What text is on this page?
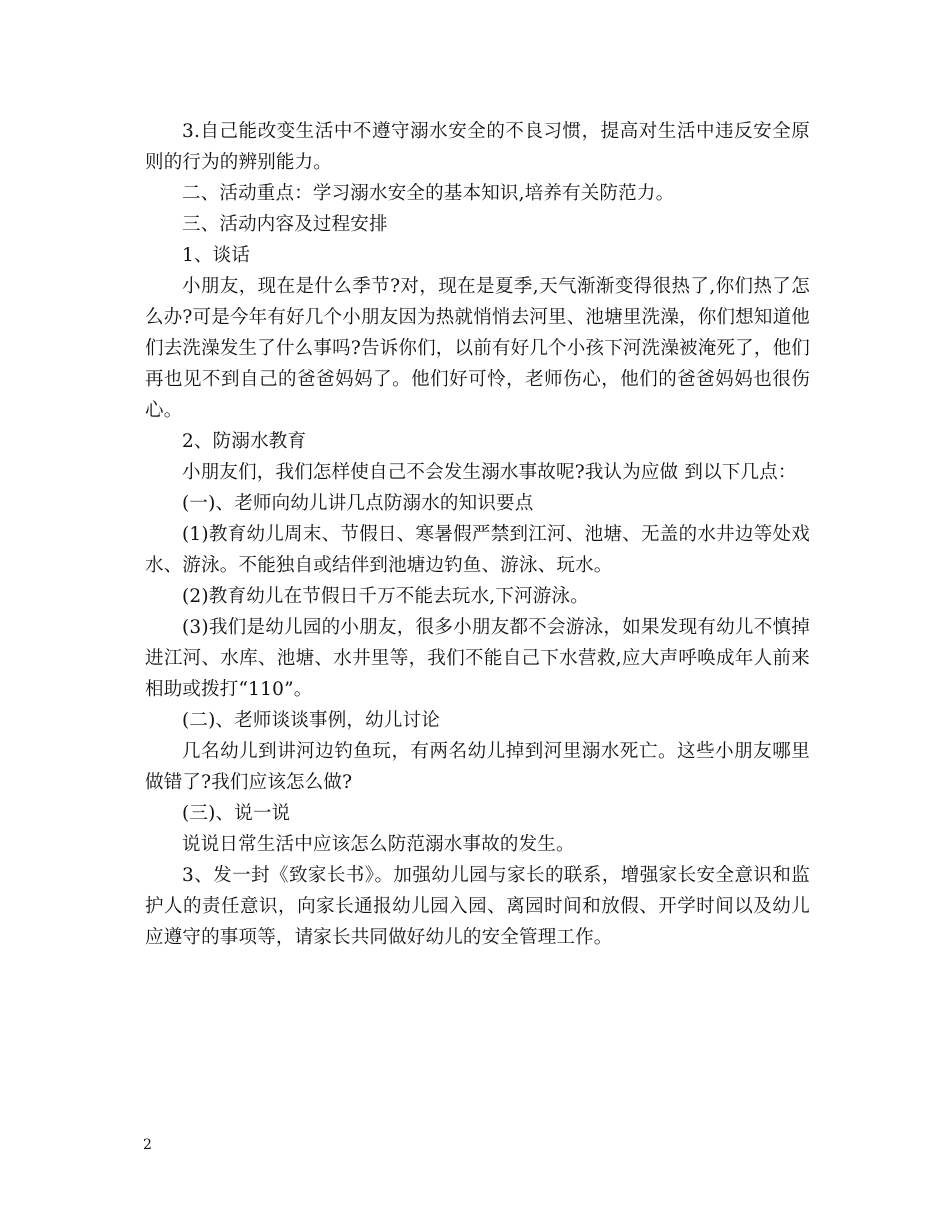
3.自己能改变生活中不遵守溺水安全的不良习惯，提高对生活中违反安全原则的行为的辨别能力。

二、活动重点：学习溺水安全的基本知识,培养有关防范力。

三、活动内容及过程安排

1、谈话

小朋友，现在是什么季节?对，现在是夏季,天气渐渐变得很热了,你们热了怎么办?可是今年有好几个小朋友因为热就悄悄去河里、池塘里洗澡，你们想知道他们去洗澡发生了什么事吗?告诉你们，以前有好几个小孩下河洗澡被淹死了，他们再也见不到自己的爸爸妈妈了。他们好可怜，老师伤心，他们的爸爸妈妈也很伤心。

2、防溺水教育

小朋友们，我们怎样使自己不会发生溺水事故呢?我认为应做 到以下几点：

(一)、老师向幼儿讲几点防溺水的知识要点

(1)教育幼儿周末、节假日、寒暑假严禁到江河、池塘、无盖的水井边等处戏水、游泳。不能独自或结伴到池塘边钓鱼、游泳、玩水。

(2)教育幼儿在节假日千万不能去玩水,下河游泳。

(3)我们是幼儿园的小朋友，很多小朋友都不会游泳，如果发现有幼儿不慎掉进江河、水库、池塘、水井里等，我们不能自己下水营救,应大声呼唤成年人前来相助或拨打“110”。

(二)、老师谈谈事例，幼儿讨论

几名幼儿到讲河边钓鱼玩，有两名幼儿掉到河里溺水死亡。这些小朋友哪里做错了?我们应该怎么做?

(三)、说一说

说说日常生活中应该怎么防范溺水事故的发生。

3、发一封《致家长书》。加强幼儿园与家长的联系，增强家长安全意识和监护人的责任意识，向家长通报幼儿园入园、离园时间和放假、开学时间以及幼儿应遵守的事项等，请家长共同做好幼儿的安全管理工作。

2
